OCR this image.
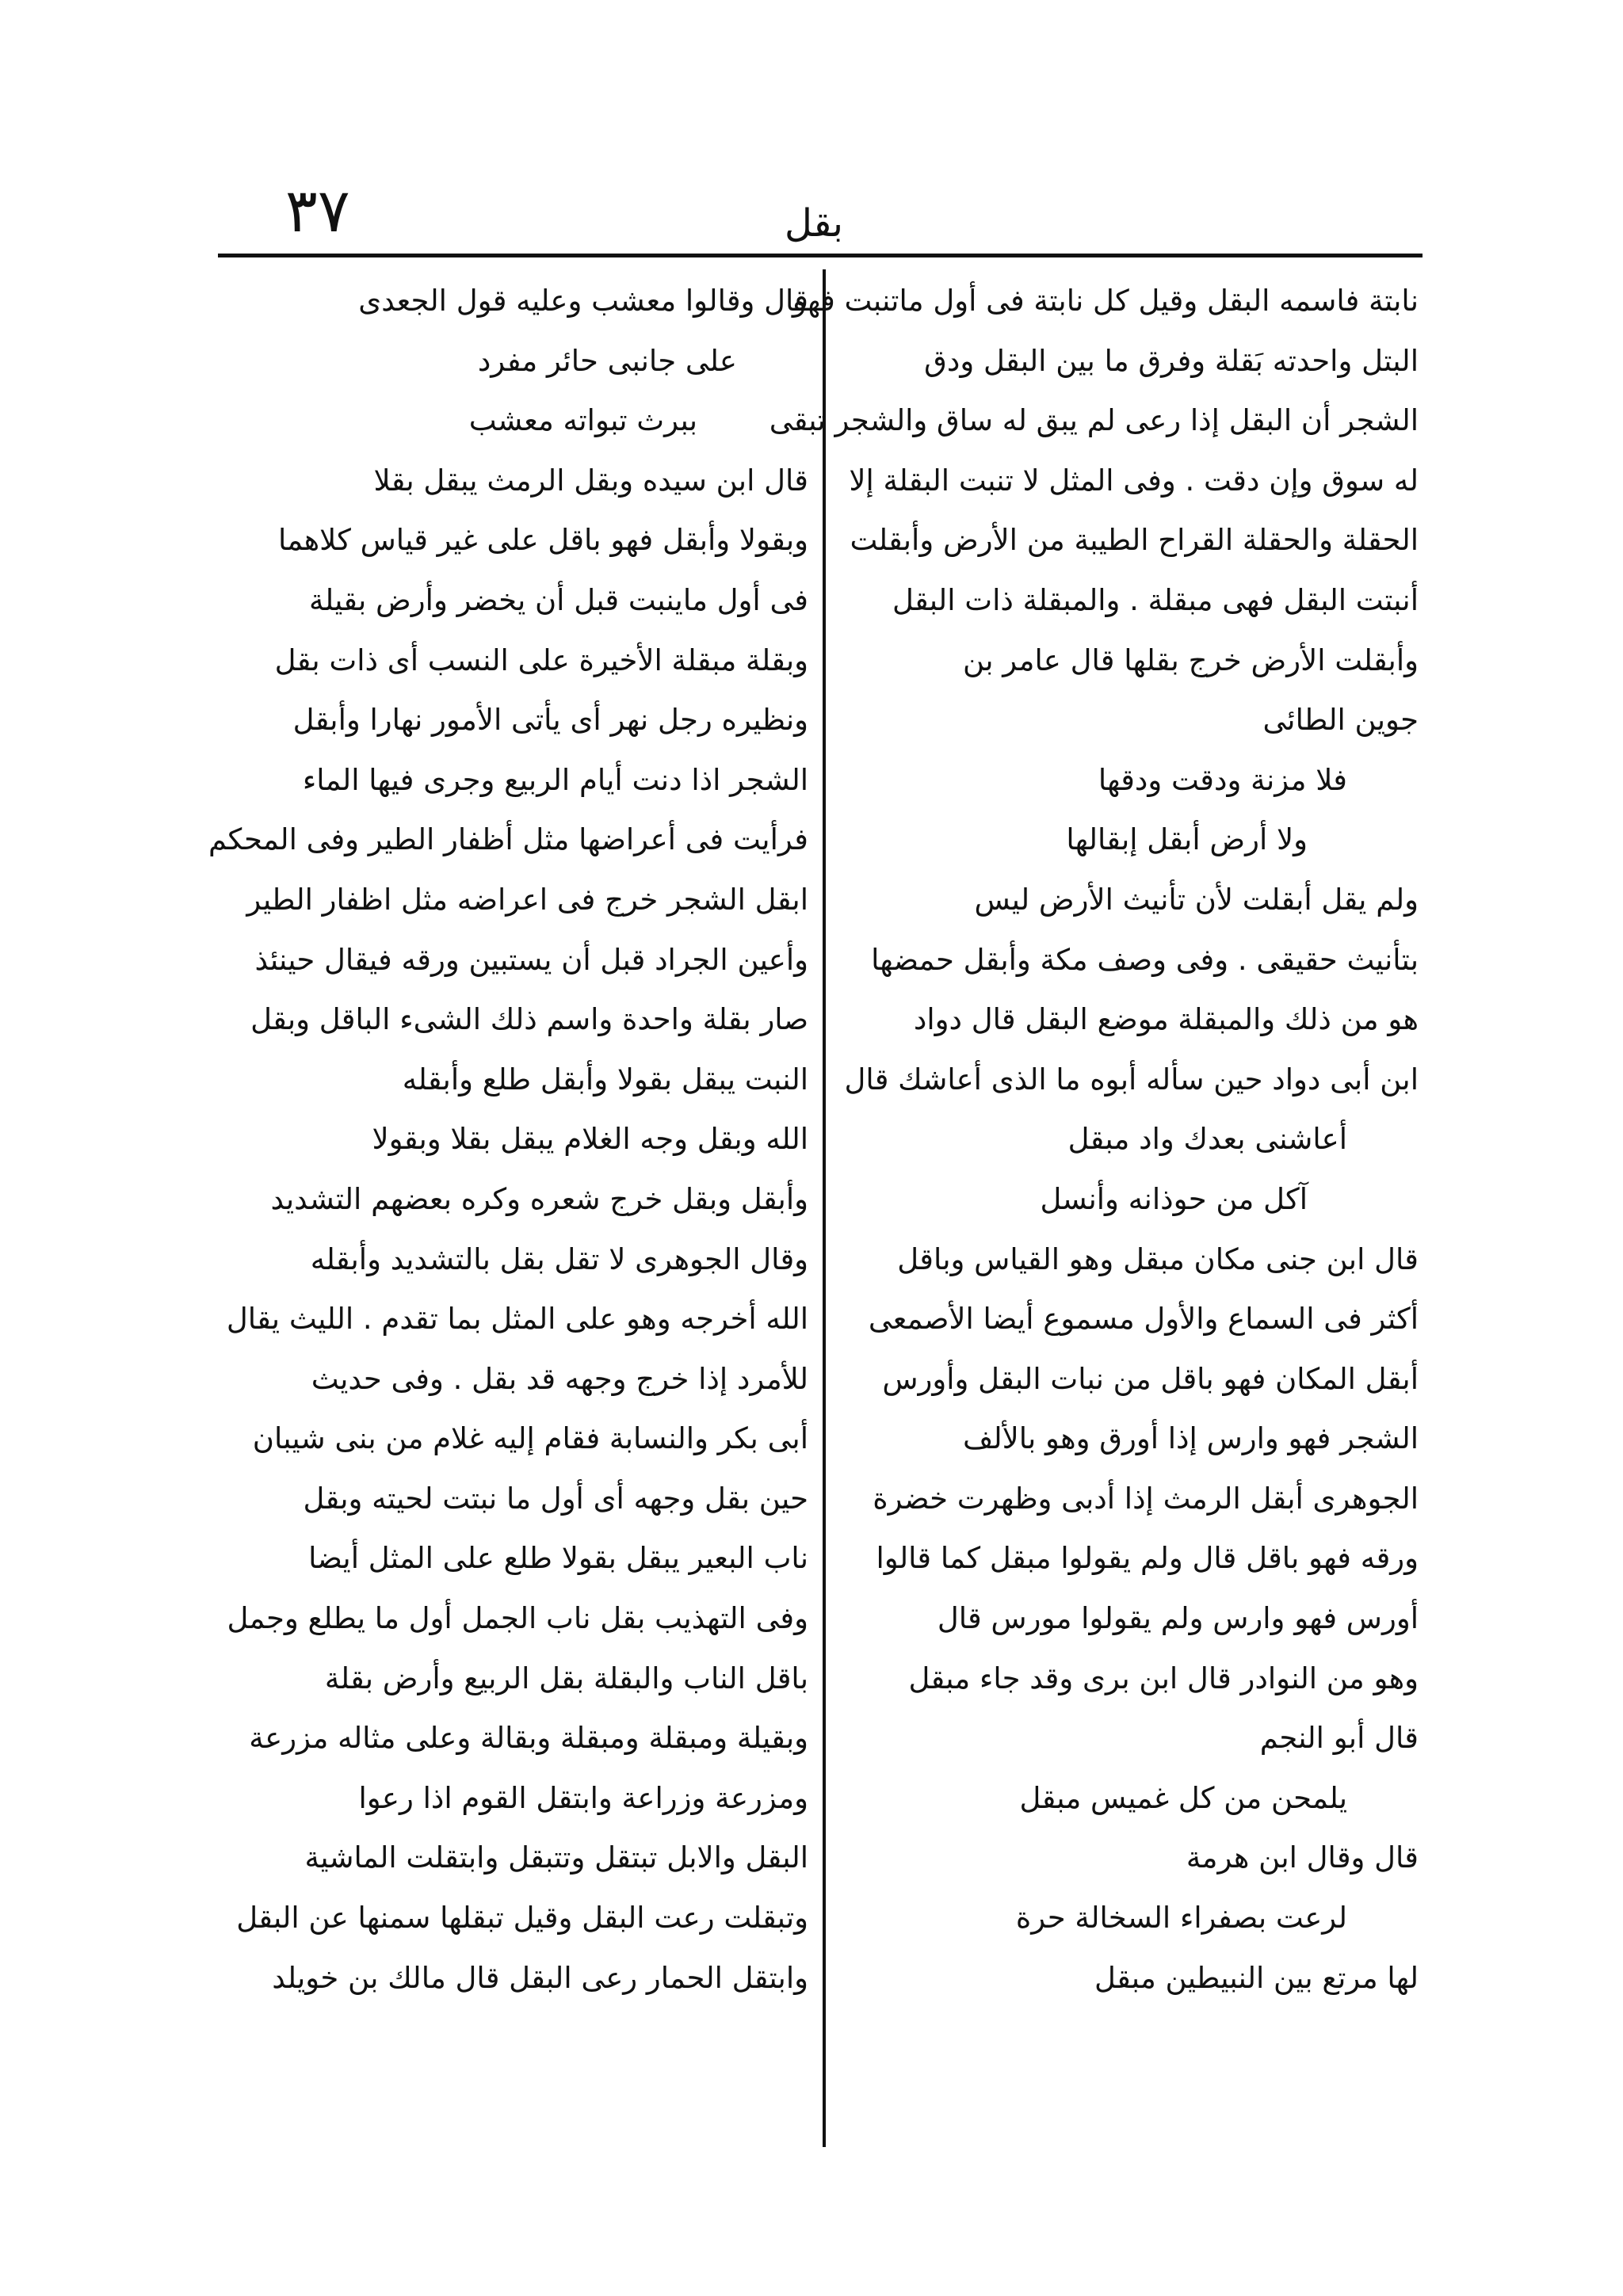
٣٧	بقل
نابتة فاسمه البقل وقيل كل نابتة فى أول ماتنبت فهو
البتل واحدته بَقلة وفرق ما بين البقل ودق
الشجر أن البقل إذا رعى لم يبق له ساق والشجر تبقى
له سوق وإن دقت . وفى المثل لا تنبت البقلة إلا
الحقلة والحقلة القراح الطيبة من الأرض وأبقلت
أنبتت البقل فهى مبقلة . والمبقلة ذات البقل
وأبقلت الأرض خرج بقلها قال عامر بن
جوين الطائى
فلا مزنة ودقت ودقها
ولا أرض أبقل إبقالها
ولم يقل أبقلت لأن تأنيث الأرض ليس
بتأنيث حقيقى . وفى وصف مكة وأبقل حمضها
هو من ذلك والمبقلة موضع البقل قال دواد
ابن أبى دواد حين سأله أبوه ما الذى أعاشك قال
أعاشنى بعدك واد مبقل
آكل من حوذانه وأنسل
قال ابن جنى مكان مبقل وهو القياس وباقل
أكثر فى السماع والأول مسموع أيضا الأصمعى
أبقل المكان فهو باقل من نبات البقل وأورس
الشجر فهو وارس إذا أورق وهو بالألف
الجوهرى أبقل الرمث إذا أدبى وظهرت خضرة
ورقه فهو باقل قال ولم يقولوا مبقل كما قالوا
أورس فهو وارس ولم يقولوا مورس قال
وهو من النوادر قال ابن برى وقد جاء مبقل
قال أبو النجم
يلمحن من كل غميس مبقل
قال وقال ابن هرمة
لرعت بصفراء السخالة حرة
لها مرتع بين النبيطين مبقل
قال وقالوا معشب وعليه قول الجعدى
على جانبى حائر مفرد
ببرث تبواته معشب
قال ابن سيده وبقل الرمث يبقل بقلا
وبقولا وأبقل فهو باقل على غير قياس كلاهما
فى أول ماينبت قبل أن يخضر وأرض بقيلة
وبقلة مبقلة الأخيرة على النسب أى ذات بقل
ونظيره رجل نهر أى يأتى الأمور نهارا وأبقل
الشجر اذا دنت أيام الربيع وجرى فيها الماء
فرأيت فى أعراضها مثل أظفار الطير وفى المحكم
ابقل الشجر خرج فى اعراضه مثل اظفار الطير
وأعين الجراد قبل أن يستبين ورقه فيقال حينئذ
صار بقلة واحدة واسم ذلك الشىء الباقل وبقل
النبت يبقل بقولا وأبقل طلع وأبقله
الله وبقل وجه الغلام يبقل بقلا وبقولا
وأبقل وبقل خرج شعره وكره بعضهم التشديد
وقال الجوهرى لا تقل بقل بالتشديد وأبقله
الله أخرجه وهو على المثل بما تقدم . الليث يقال
للأمرد إذا خرج وجهه قد بقل . وفى حديث
أبى بكر والنسابة فقام إليه غلام من بنى شيبان
حين بقل وجهه أى أول ما نبتت لحيته وبقل
ناب البعير يبقل بقولا طلع على المثل أيضا
وفى التهذيب بقل ناب الجمل أول ما يطلع وجمل
باقل الناب والبقلة بقل الربيع وأرض بقلة
وبقيلة ومبقلة ومبقلة وبقالة وعلى مثاله مزرعة
ومزرعة وزراعة وابتقل القوم اذا رعوا
البقل والابل تبتقل وتتبقل وابتقلت الماشية
وتبقلت رعت البقل وقيل تبقلها سمنها عن البقل
وابتقل الحمار رعى البقل قال مالك بن خويلد
